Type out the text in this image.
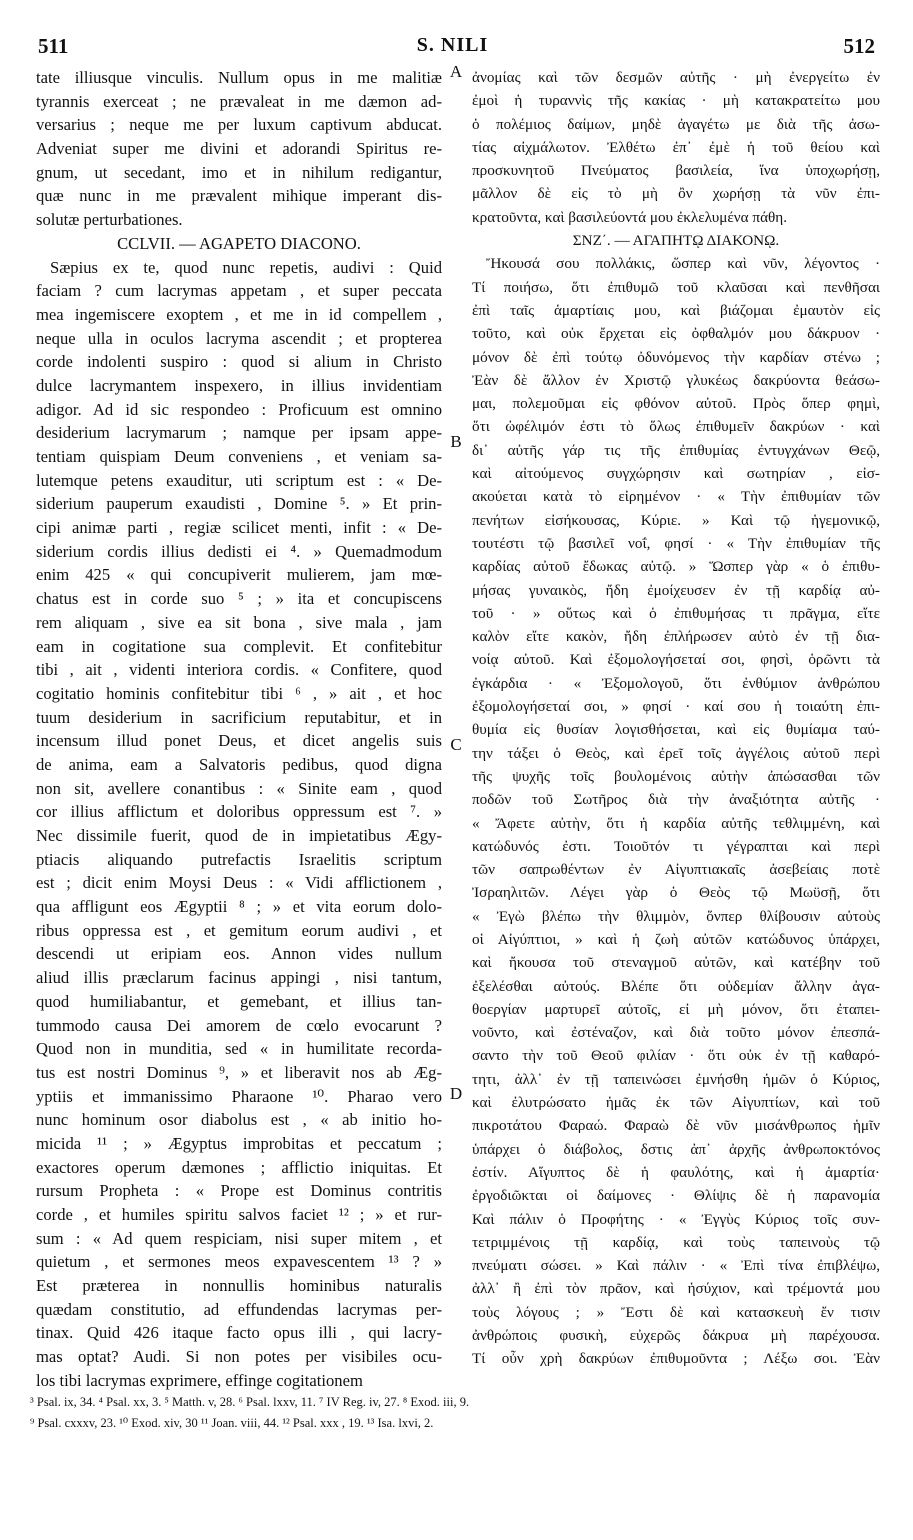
511	S. NILI	512
tate illiusque vinculis. Nullum opus in me malitiæ
tyrannis exerceat ; ne prævaleat in me dæmon ad-
versarius ; neque me per luxum captivum abducat.
Adveniat super me divini et adorandi Spiritus re-
gnum, ut secedant, imo et in nihilum redigantur,
quæ nunc in me prævalent mihique imperant dis-
solutæ perturbationes.
CCLVII. — AGAPETO DIACONO.
Sæpius ex te, quod nunc repetis, audivi : Quid
faciam ? cum lacrymas appetam , et super peccata
mea ingemiscere exoptem , et me in id compellem ,
neque ulla in oculos lacryma ascendit ; et propterea
corde indolenti suspiro : quod si alium in Christo
dulce lacrymantem inspexero, in illius invidentiam
adigor. Ad id sic respondeo : Proficuum est omnino
desiderium lacrymarum ; namque per ipsam appe-
tentiam quispiam Deum conveniens , et veniam sa-
lutemque petens exauditur, uti scriptum est : « De-
siderium pauperum exaudisti , Domine ⁵. » Et prin-
cipi animæ parti , regiæ scilicet menti, infit : « De-
siderium cordis illius dedisti ei ⁴. » Quemadmodum
enim 425 « qui concupiverit mulierem, jam mœ-
chatus est in corde suo ⁵ ; » ita et concupiscens
rem aliquam , sive ea sit bona , sive mala , jam
eam in cogitatione sua complevit. Et confitebitur
tibi , ait , videnti interiora cordis. « Confitere, quod
cogitatio hominis confitebitur tibi ⁶ , » ait , et hoc
tuum desiderium in sacrificium reputabitur, et in
incensum illud ponet Deus, et dicet angelis suis
de anima, eam a Salvatoris pedibus, quod digna
non sit, avellere conantibus : « Sinite eam , quod
cor illius afflictum et doloribus oppressum est ⁷. »
Nec dissimile fuerit, quod de in impietatibus Ægy-
ptiacis aliquando putrefactis Israelitis scriptum
est ; dicit enim Moysi Deus : « Vidi afflictionem ,
qua affligunt eos Ægyptii ⁸ ; » et vita eorum dolo-
ribus oppressa est , et gemitum eorum audivi , et
descendi ut eripiam eos. Annon vides nullum
aliud illis præclarum facinus appingi , nisi tantum,
quod humiliabantur, et gemebant, et illius tan-
tummodo causa Dei amorem de cœlo evocarunt ?
Quod non in munditia, sed « in humilitate recorda-
tus est nostri Dominus ⁹, » et liberavit nos ab Æg-
yptiis et immanissimo Pharaone ¹⁰. Pharao vero
nunc hominum osor diabolus est , « ab initio ho-
micida ¹¹ ; » Ægyptus improbitas et peccatum ;
exactores operum dæmones ; afflictio iniquitas. Et
rursum Propheta : « Prope est Dominus contritis
corde , et humiles spiritu salvos faciet ¹² ; » et rur-
sum : « Ad quem respiciam, nisi super mitem , et
quietum , et sermones meos expavescentem ¹³ ? »
Est præterea in nonnullis hominibus naturalis
quædam constitutio, ad effundendas lacrymas per-
tinax. Quid 426 itaque facto opus illi , qui lacry-
mas optat? Audi. Si non potes per visibiles ocu-
los tibi lacrymas exprimere, effinge cogitationem
ἀνομίας καὶ τῶν δεσμῶν αὐτῆς · μὴ ἐνεργείτω ἐν
ἐμοὶ ἡ τυραννὶς τῆς κακίας · μὴ κατακρατείτω μου
ὁ πολέμιος δαίμων, μηδὲ ἀγαγέτω με διὰ τῆς ἀσω-
τίας αἰχμάλωτον. Ἐλθέτω ἐπ᾽ ἐμὲ ἡ τοῦ θείου καὶ
προσκυνητοῦ Πνεύματος βασιλεία, ἵνα ὑποχωρήσῃ,
μᾶλλον δὲ εἰς τὸ μὴ ὂν χωρήσῃ τὰ νῦν ἐπι-
κρατοῦντα, καὶ βασιλεύοντά μου ἐκλελυμένα πάθη.
ΣΝΖ΄. — ΑΓΑΠΗΤῼ ΔΙΑΚΟΝῼ.
Ἤκουσά σου πολλάκις, ὥσπερ καὶ νῦν, λέγοντος ·
Τί ποιήσω, ὅτι ἐπιθυμῶ τοῦ κλαῦσαι καὶ πενθῆσαι
ἐπὶ ταῖς ἁμαρτίαις μου, καὶ βιάζομαι ἐμαυτὸν εἰς
τοῦτο, καὶ οὐκ ἔρχεται εἰς ὀφθαλμόν μου δάκρυον ·
μόνον δὲ ἐπὶ τούτῳ ὀδυνόμενος τὴν καρδίαν στένω ;
Ἐὰν δὲ ἄλλον ἐν Χριστῷ γλυκέως δακρύοντα θεάσω-
μαι, πολεμοῦμαι εἰς φθόνον αὐτοῦ. Πρὸς ὅπερ φημὶ,
ὅτι ὠφέλιμόν ἐστι τὸ ὅλως ἐπιθυμεῖν δακρύων · καὶ
δι᾽ αὐτῆς γάρ τις τῆς ἐπιθυμίας ἐντυγχάνων Θεῷ,
καὶ αἰτούμενος συγχώρησιν καὶ σωτηρίαν , εἰσ-
ακούεται κατὰ τὸ εἰρημένον · « Τὴν ἐπιθυμίαν τῶν
πενήτων εἰσήκουσας, Κύριε. » Καὶ τῷ ἡγεμονικῷ,
τουτέστι τῷ βασιλεῖ νοΐ, φησί · « Τὴν ἐπιθυμίαν τῆς
καρδίας αὐτοῦ ἔδωκας αὐτῷ. » Ὥσπερ γὰρ « ὁ ἐπιθυ-
μήσας γυναικὸς, ἤδη ἐμοίχευσεν ἐν τῇ καρδίᾳ αὐ-
τοῦ · » οὕτως καὶ ὁ ἐπιθυμήσας τι πρᾶγμα, εἴτε
καλὸν εἴτε κακὸν, ἤδη ἐπλήρωσεν αὐτὸ ἐν τῇ δια-
νοίᾳ αὐτοῦ. Καὶ ἐξομολογήσεταί σοι, φησὶ, ὁρῶντι τὰ
ἐγκάρδια · « Ἐξομολογοῦ, ὅτι ἐνθύμιον ἀνθρώπου
ἐξομολογήσεταί σοι, » φησί · καί σου ἡ τοιαύτη ἐπι-
θυμία εἰς θυσίαν λογισθήσεται, καὶ εἰς θυμίαμα ταύ-
την τάξει ὁ Θεὸς, καὶ ἐρεῖ τοῖς ἀγγέλοις αὐτοῦ περὶ
τῆς ψυχῆς τοῖς βουλομένοις αὐτὴν ἀπώσασθαι τῶν
ποδῶν τοῦ Σωτῆρος διὰ τὴν ἀναξιότητα αὐτῆς ·
« Ἄφετε αὐτὴν, ὅτι ἡ καρδία αὐτῆς τεθλιμμένη, καὶ
κατώδυνός ἐστι. Τοιοῦτόν τι γέγραπται καὶ περὶ
τῶν σαπρωθέντων ἐν Αἰγυπτιακαῖς ἀσεβείαις ποτὲ
Ἰσραηλιτῶν. Λέγει γὰρ ὁ Θεὸς τῷ Μωϋσῇ, ὅτι
« Ἐγὼ βλέπω τὴν θλιμμὸν, ὅνπερ θλίβουσιν αὐτοὺς
οἱ Αἰγύπτιοι, » καὶ ἡ ζωὴ αὐτῶν κατώδυνος ὑπάρχει,
καὶ ἤκουσα τοῦ στεναγμοῦ αὐτῶν, καὶ κατέβην τοῦ
ἐξελέσθαι αὐτούς. Βλέπε ὅτι οὐδεμίαν ἄλλην ἀγα-
θοεργίαν μαρτυρεῖ αὐτοῖς, εἰ μὴ μόνον, ὅτι ἐταπει-
νοῦντο, καὶ ἐστέναζον, καὶ διὰ τοῦτο μόνον ἐπεσπά-
σαντο τὴν τοῦ Θεοῦ φιλίαν · ὅτι οὐκ ἐν τῇ καθαρό-
τητι, ἀλλ᾽ ἐν τῇ ταπεινώσει ἐμνήσθη ἡμῶν ὁ Κύριος,
καὶ ἐλυτρώσατο ἡμᾶς ἐκ τῶν Αἰγυπτίων, καὶ τοῦ
πικροτάτου Φαραώ. Φαραὼ δὲ νῦν μισάνθρωπος ἡμῖν
ὑπάρχει ὁ διάβολος, δστις ἀπ᾽ ἀρχῆς ἀνθρωποκτόνος
ἐστίν. Αἴγυπτος δὲ ἡ φαυλότης, καὶ ἡ ἁμαρτία·
ἐργοδιῶκται οἱ δαίμονες · Θλίψις δὲ ἡ παρανομία
Καὶ πάλιν ὁ Προφήτης · « Ἐγγὺς Κύριος τοῖς συν-
τετριμμένοις τῇ καρδίᾳ, καὶ τοὺς ταπεινοὺς τῷ
πνεύματι σώσει. » Καὶ πάλιν · « Ἐπὶ τίνα ἐπιβλέψω,
ἀλλ᾽ ἢ ἐπὶ τὸν πρᾶον, καὶ ἡσύχιον, καὶ τρέμοντά μου
τοὺς λόγους ; » Ἔστι δὲ καὶ κατασκευὴ ἔν τισιν
ἀνθρώποις φυσικὴ, εὐχερῶς δάκρυα μὴ παρέχουσα.
Τί οὖν χρὴ δακρύων ἐπιθυμοῦντα ; Λέξω σοι. Ἐὰν
A
B
C
D
³ Psal. ix, 34. ⁴ Psal. xx, 3. ⁵ Matth. v, 28. ⁶ Psal. lxxv, 11. ⁷ IV Reg. iv, 27. ⁸ Exod. iii, 9.
⁹ Psal. cxxxv, 23. ¹⁰ Exod. xiv, 30 ¹¹ Joan. viii, 44. ¹² Psal. xxx , 19. ¹³ Isa. lxvi, 2.
